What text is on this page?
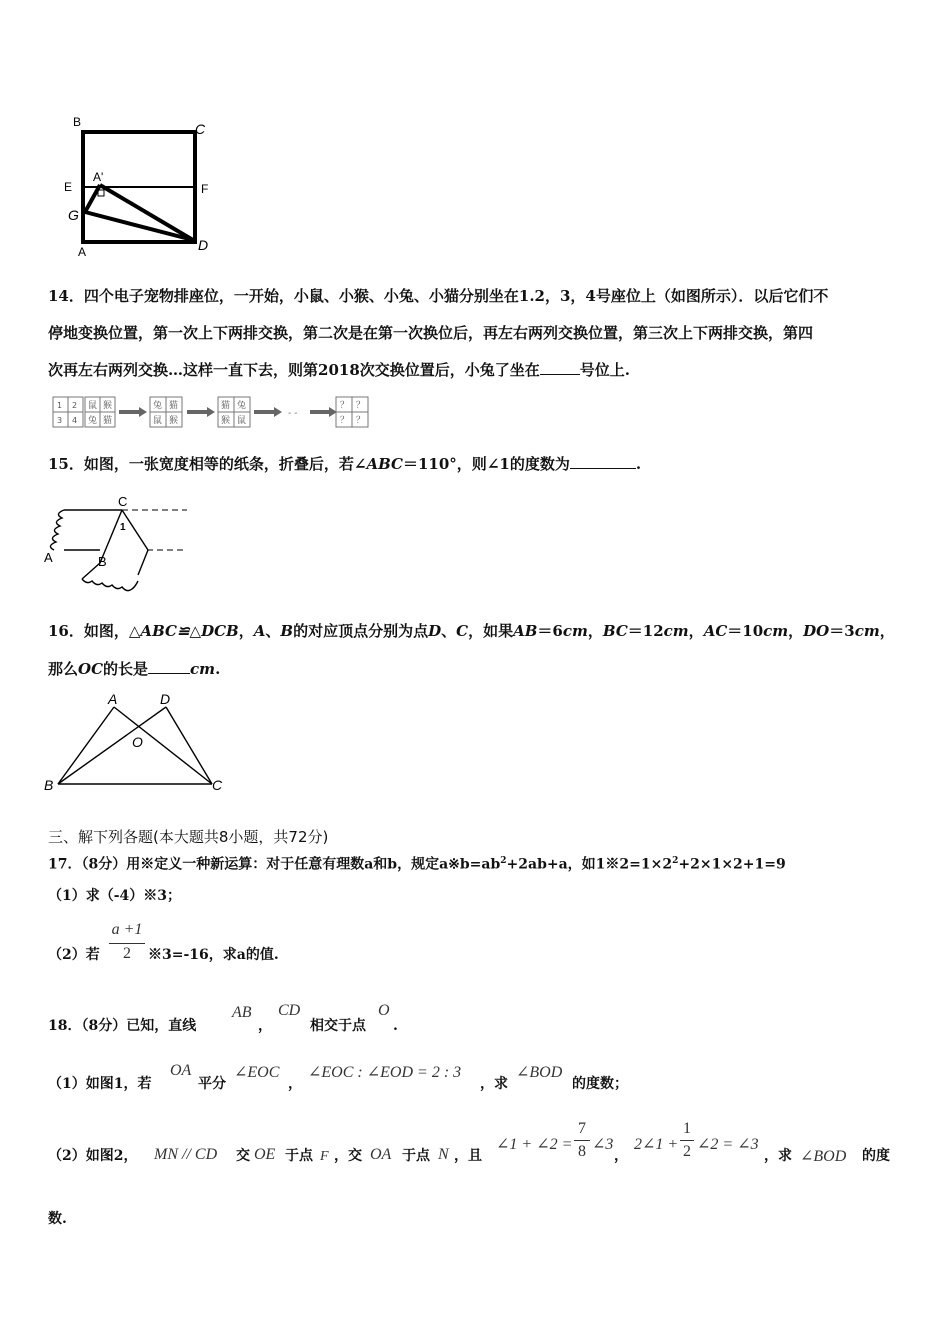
B	C
E
A'
F
G
A	D
14．四个电子宠物排座位，一开始，小鼠、小猴、小兔、小猫分别坐在1.2，3，4号座位上（如图所示）．以后它们不
停地变换位置，第一次上下两排交换，第二次是在第一次换位后，再左右两列交换位置，第三次上下两排交换，第四
次再左右两列交换…这样一直下去，则第2018次交换位置后，小兔了坐在	号位上.
1 2
3 4
鼠 猴
兔 猫
兔 猫
鼠 猴
猫 兔
猴 鼠
- -
？ ？
？ ？
15．如图，一张宽度相等的纸条，折叠后，若∠ABC＝110°，则∠1的度数为	.
C
1
A	B
16．如图，△ABC≌△DCB，A、B的对应顶点分别为点D、C，如果AB＝6cm，BC＝12cm，AC＝10cm，DO＝3cm，
那么OC的长是	cm.
A	D
O
B	C
三、解下列各题(本大题共8小题，共72分)
17．（8分）用※定义一种新运算：对于任意有理数a和b，规定$a※b=ab^2+2ab+a$，如$1※2=1\times 2^2+2\times 1\times 2+1=9$
（1）求（-4）※3；
（2）若
a +1
2	※3=-16，求a的值.
18．（8分）已知，直线
AB
，
CD
相交于点
O
.
（1）如图1，若
OA
平分
∠EOC
，
∠EOC : ∠EOD = 2 : 3
，求
∠BOD
的度数；
（2）如图2， MN // CD 交 OE 于点 F ，交 OA 于点 N ，且
∠1 + ∠2 =
7
8 ∠3
，
2∠1 +
1
2 ∠2 = ∠3
，求 ∠BOD 的度
数.
